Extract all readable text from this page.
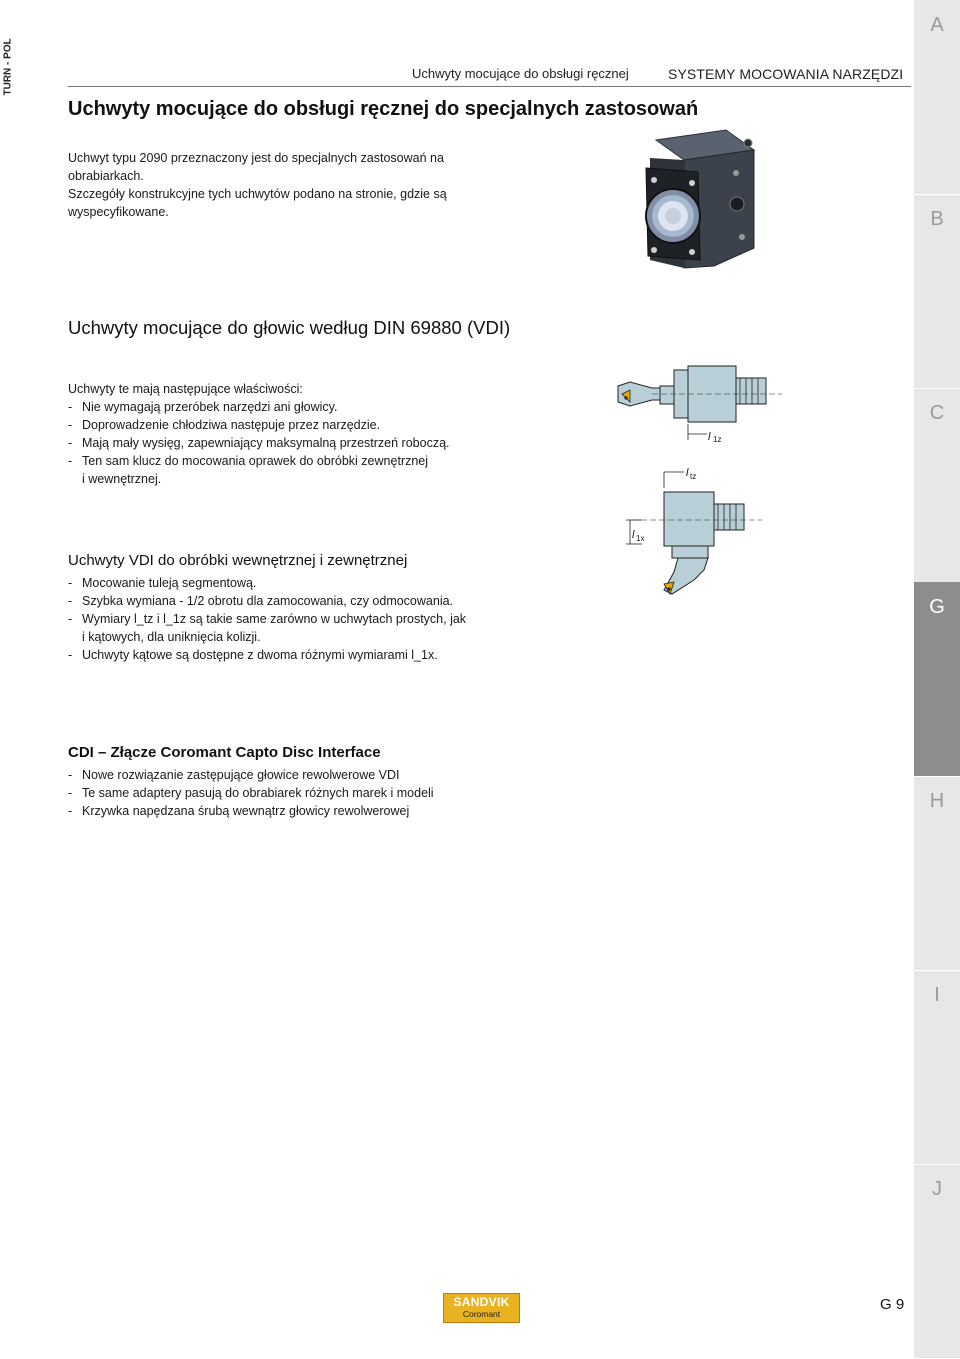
TURN - POL	Uchwyty mocujące do obsługi ręcznej	SYSTEMY MOCOWANIA NARZĘDZI
Uchwyty mocujące do obsługi ręcznej do specjalnych zastosowań
Uchwyt typu 2090 przeznaczony jest do specjalnych zastosowań na
obrabiarkach.
Szczegóły konstrukcyjne tych uchwytów podano na stronie, gdzie są
wyspecyfikowane.
Uchwyty mocujące do głowic według DIN 69880 (VDI)
Uchwyty te mają następujące właściwości:
- Nie wymagają przeróbek narzędzi ani głowicy.
- Doprowadzenie chłodziwa następuje przez narzędzie.
- Mają mały wysięg, zapewniający maksymalną przestrzeń roboczą.
- Ten sam klucz do mocowania oprawek do obróbki zewnętrznej
i wewnętrznej.
l 1z
l tz
l 1x
Uchwyty VDI do obróbki wewnętrznej i zewnętrznej
- Mocowanie tuleją segmentową.
- Szybka wymiana - 1/2 obrotu dla zamocowania, czy odmocowania.
- Wymiary l_tz i l_1z są takie same zarówno w uchwytach prostych, jak
i kątowych, dla uniknięcia kolizji.
- Uchwyty kątowe są dostępne z dwoma różnymi wymiarami l_1x.
CDI – Złącze Coromant Capto Disc Interface
- Nowe rozwiązanie zastępujące głowice rewolwerowe VDI
- Te same adaptery pasują do obrabiarek różnych marek i modeli
- Krzywka napędzana śrubą wewnątrz głowicy rewolwerowej
A
B
C
G
H
I
J
SANDVIK
Coromant
G 9
